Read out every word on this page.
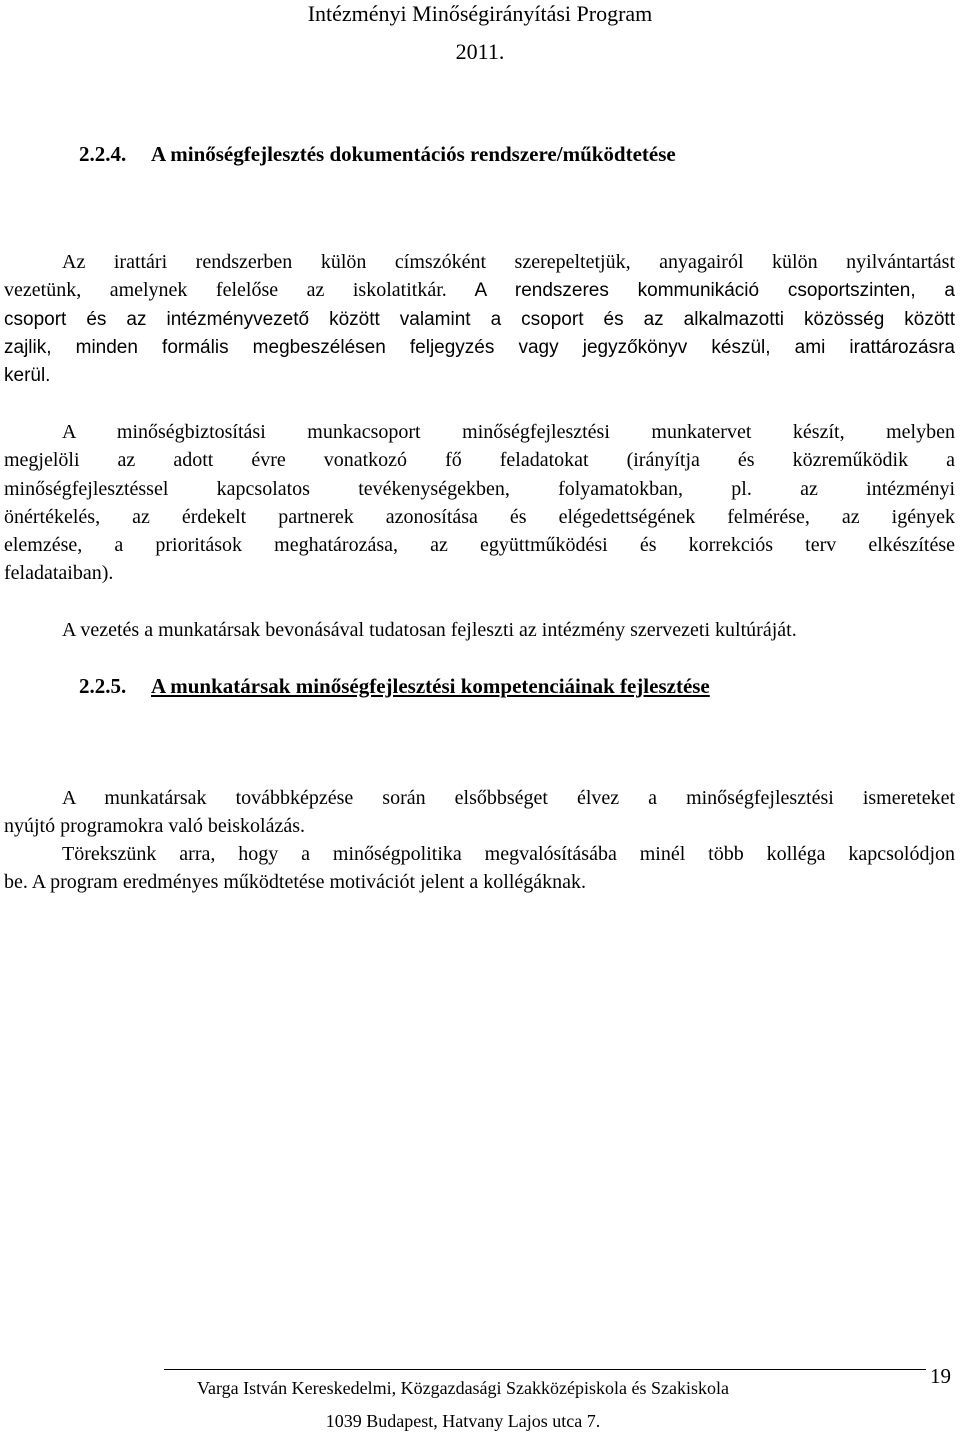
Intézményi Minőségirányítási Program
2011.
2.2.4. A minőségfejlesztés dokumentációs rendszere/működtetése
Az irattári rendszerben külön címszóként szerepeltetjük, anyagairól külön nyilvántartást
vezetünk, amelynek felelőse az iskolatitkár. A rendszeres kommunikáció csoportszinten, a
csoport és az intézményvezető között valamint a csoport és az alkalmazotti közösség között
zajlik, minden formális megbeszélésen feljegyzés vagy jegyzőkönyv készül, ami irattározásra
kerül.
A minőségbiztosítási munkacsoport minőségfejlesztési munkatervet készít, melyben
megjelöli az adott évre vonatkozó fő feladatokat (irányítja és közreműködik a
minőségfejlesztéssel kapcsolatos tevékenységekben, folyamatokban, pl. az intézményi
önértékelés, az érdekelt partnerek azonosítása és elégedettségének felmérése, az igények
elemzése, a prioritások meghatározása, az együttműködési és korrekciós terv elkészítése
feladataiban).
A vezetés a munkatársak bevonásával tudatosan fejleszti az intézmény szervezeti kultúráját.
2.2.5. A munkatársak minőségfejlesztési kompetenciáinak fejlesztése
A munkatársak továbbképzése során elsőbbséget élvez a minőségfejlesztési ismereteket
nyújtó programokra való beiskolázás.
Törekszünk arra, hogy a minőségpolitika megvalósításába minél több kolléga kapcsolódjon
be. A program eredményes működtetése motivációt jelent a kollégáknak.
19
Varga István Kereskedelmi, Közgazdasági Szakközépiskola és Szakiskola
1039 Budapest, Hatvany Lajos utca 7.
